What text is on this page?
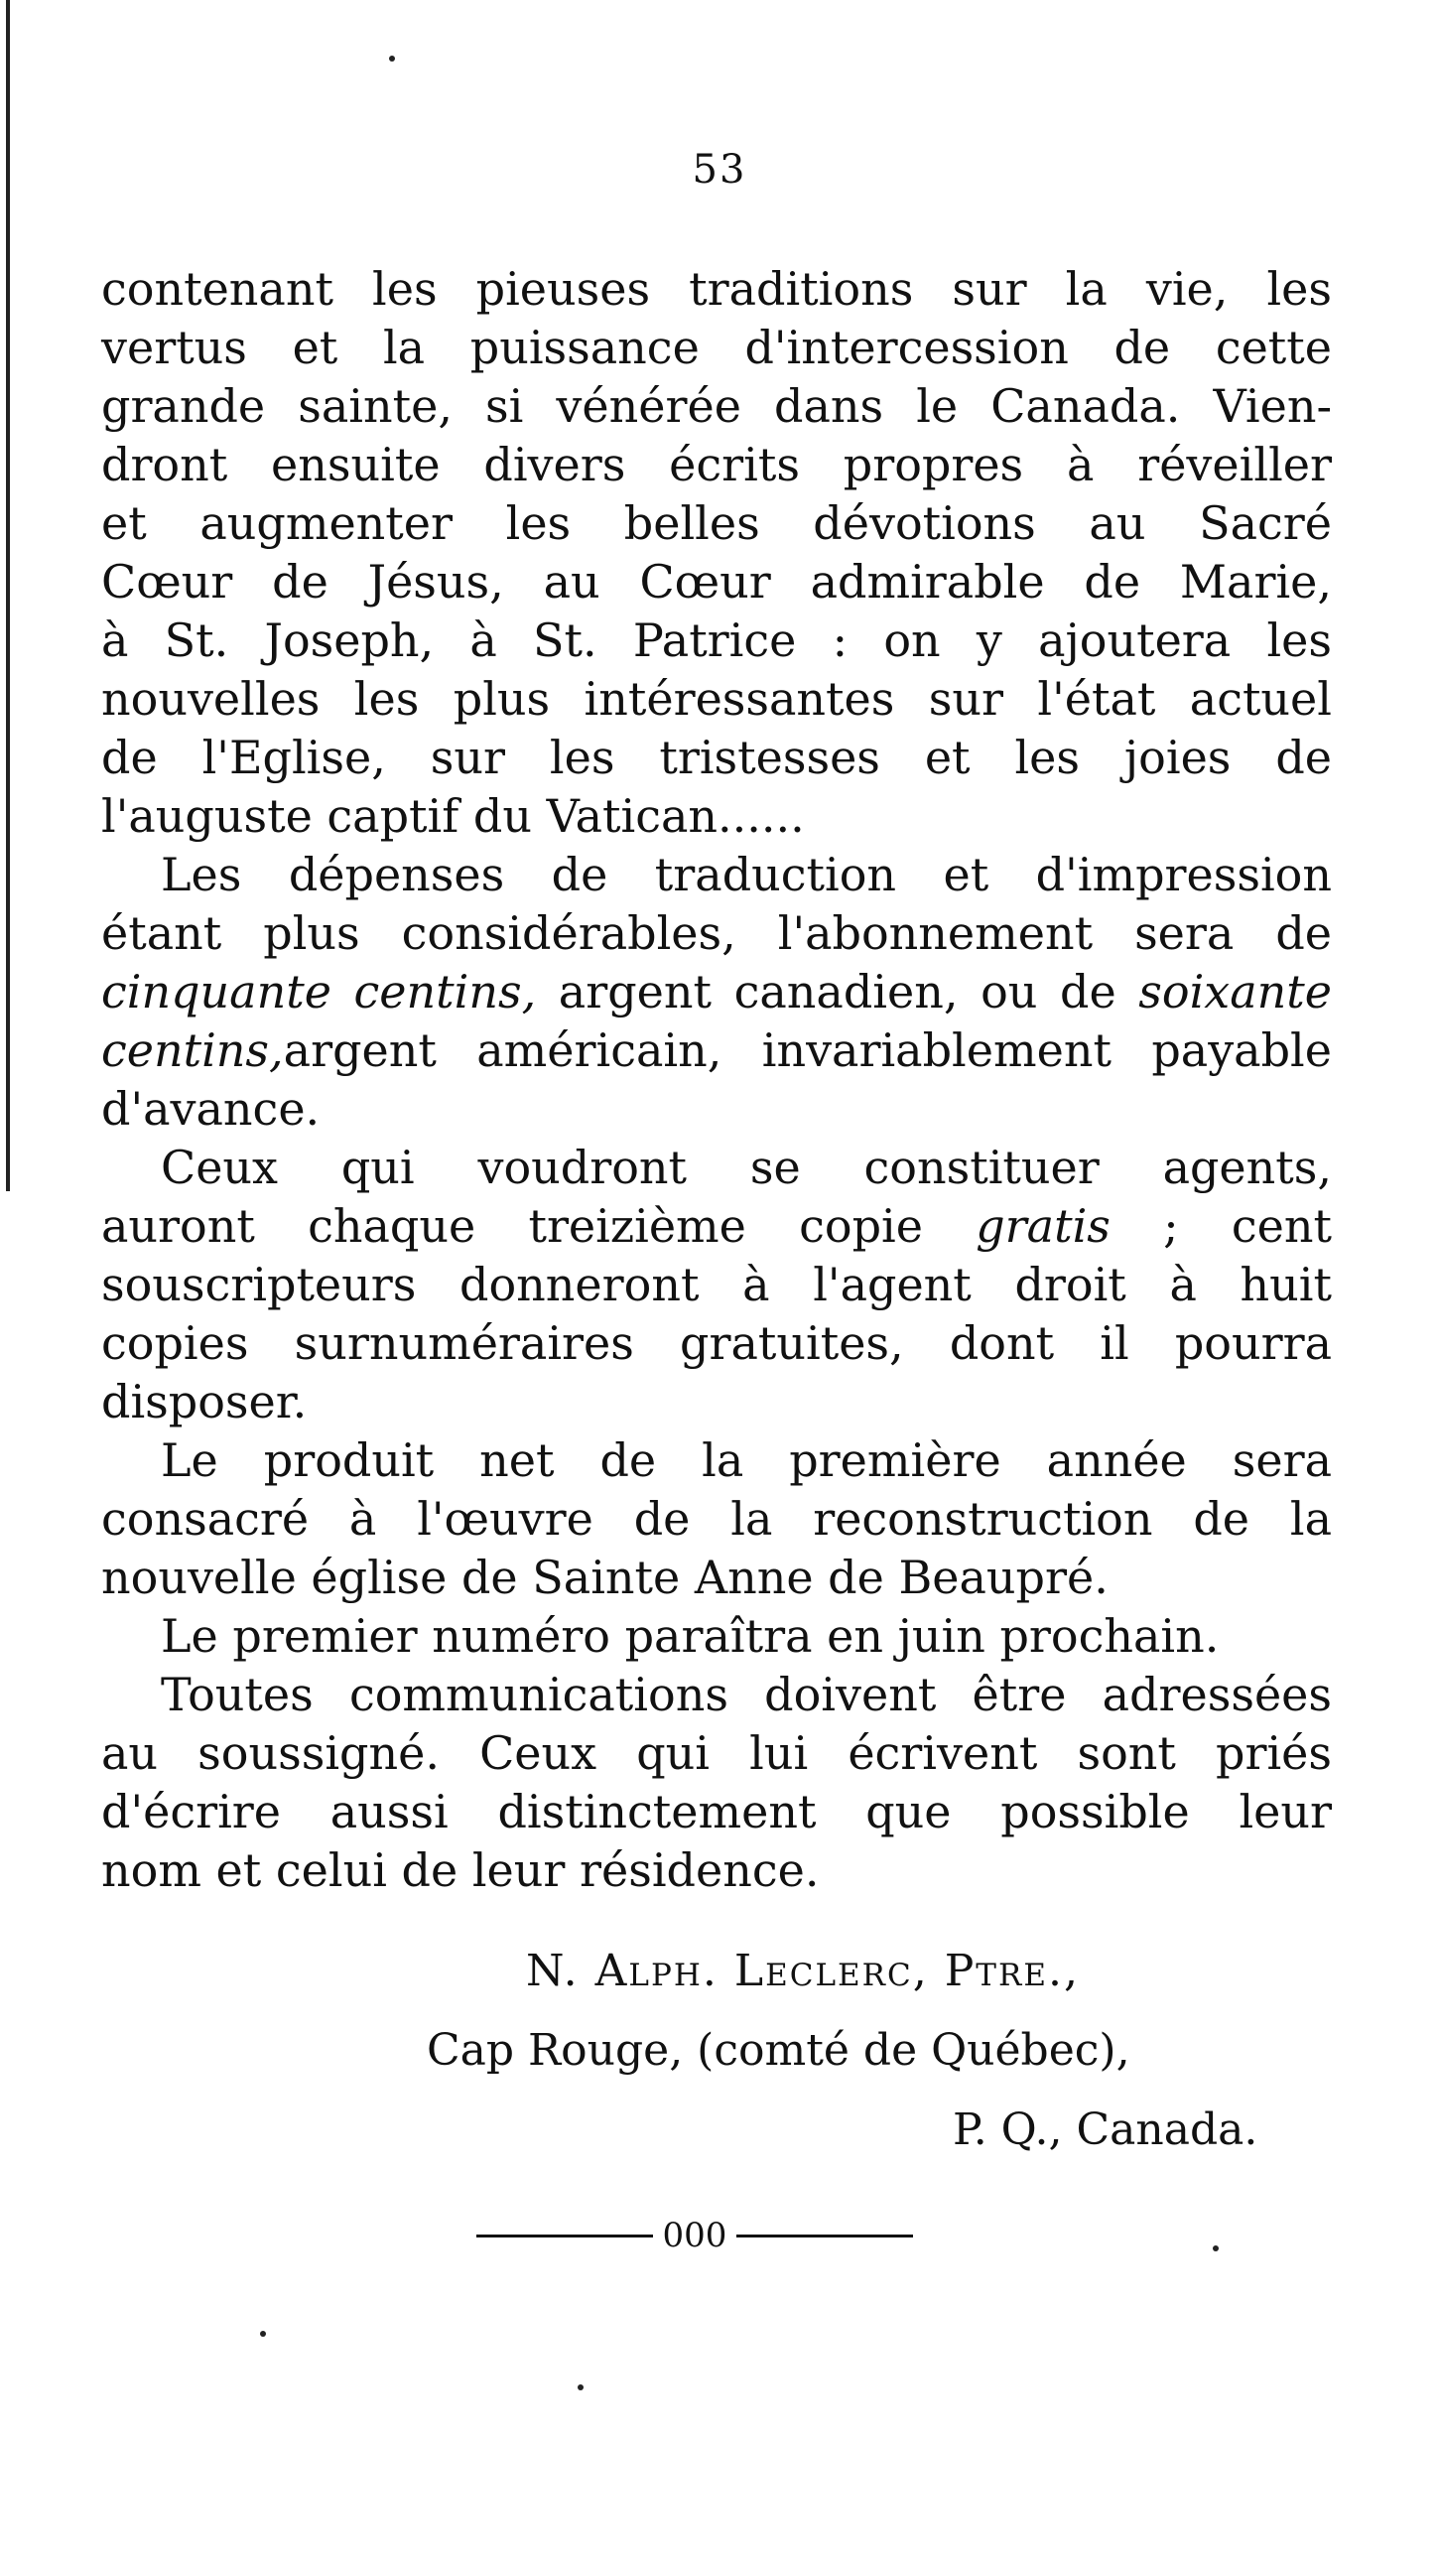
53

contenant les pieuses traditions sur la vie, les
vertus et la puissance d'intercession de cette
grande sainte, si vénérée dans le Canada. Vien-
dront ensuite divers écrits propres à réveiller
et augmenter les belles dévotions au Sacré
Cœur de Jésus, au Cœur admirable de Marie,
à St. Joseph, à St. Patrice : on y ajoutera les
nouvelles les plus intéressantes sur l'état actuel
de l'Eglise, sur les tristesses et les joies de
l'auguste captif du Vatican......

Les dépenses de traduction et d'impression
étant plus considérables, l'abonnement sera de
cinquante centins, argent canadien, ou de soixante
centins,argent américain, invariablement payable
d'avance.

Ceux qui voudront se constituer agents,
auront chaque treizième copie gratis ; cent
souscripteurs donneront à l'agent droit à huit
copies surnuméraires gratuites, dont il pourra
disposer.

Le produit net de la première année sera
consacré à l'œuvre de la reconstruction de la
nouvelle église de Sainte Anne de Beaupré.

Le premier numéro paraîtra en juin prochain.

Toutes communications doivent être adressées
au soussigné. Ceux qui lui écrivent sont priés
d'écrire aussi distinctement que possible leur
nom et celui de leur résidence.

N. Alph. Leclerc, Ptre.,
Cap Rouge, (comté de Québec),
P. Q., Canada.
000
